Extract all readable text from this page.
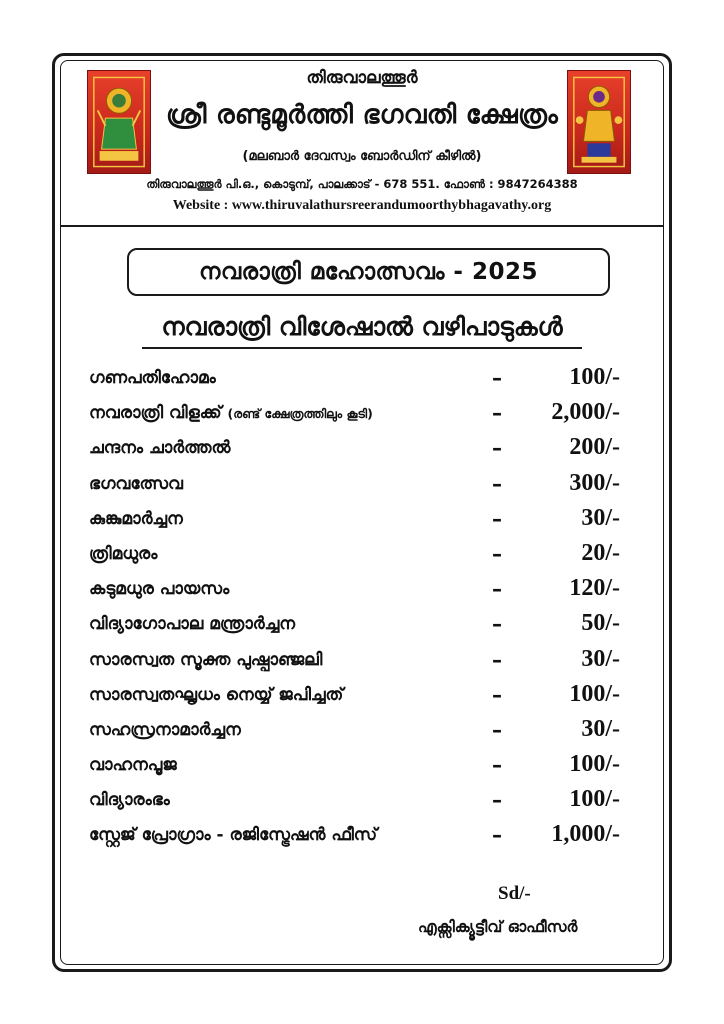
തിരുവാലത്തൂർ
ശ്രീ രണ്ടുമൂർത്തി ഭഗവതി ക്ഷേത്രം
(മലബാർ ദേവസ്വം ബോർഡിന് കീഴിൽ)
തിരുവാലത്തൂർ പി.ഒ., കൊടുമ്പ്, പാലക്കാട് - 678 551. ഫോൺ : 9847264388
Website : www.thiruvalathursreerandumoorthybhagavathy.org
നവരാത്രി മഹോത്സവം - 2025
നവരാത്രി വിശേഷാൽ വഴിപാടുകൾ
ഗണപതിഹോമം	–	100/-
നവരാത്രി വിളക്ക് (രണ്ട് ക്ഷേത്രത്തിലും കൂടി)	– 2,000/-
ചന്ദനം ചാർത്തൽ	–	200/-
ഭഗവത്സേവ	–	300/-
കുങ്കുമാർച്ചന	–	30/-
ത്രിമധുരം	–	20/-
കടുമധുര പായസം	–	120/-
വിദ്യാഗോപാല മന്ത്രാർച്ചന	–	50/-
സാരസ്വത സൂക്ത പുഷ്പാഞ്ജലി	–	30/-
സാരസ്വതഘൃധം നെയ്യ് ജപിച്ചത്	–	100/-
സഹസ്രനാമാർച്ചന	–	30/-
വാഹനപൂജ	–	100/-
വിദ്യാരംഭം	–	100/-
സ്റ്റേജ് പ്രോഗ്രാം - രജിസ്ട്രേഷൻ ഫീസ്	– 1,000/-
Sd/-
എക്സിക്യൂട്ടീവ് ഓഫീസർ
